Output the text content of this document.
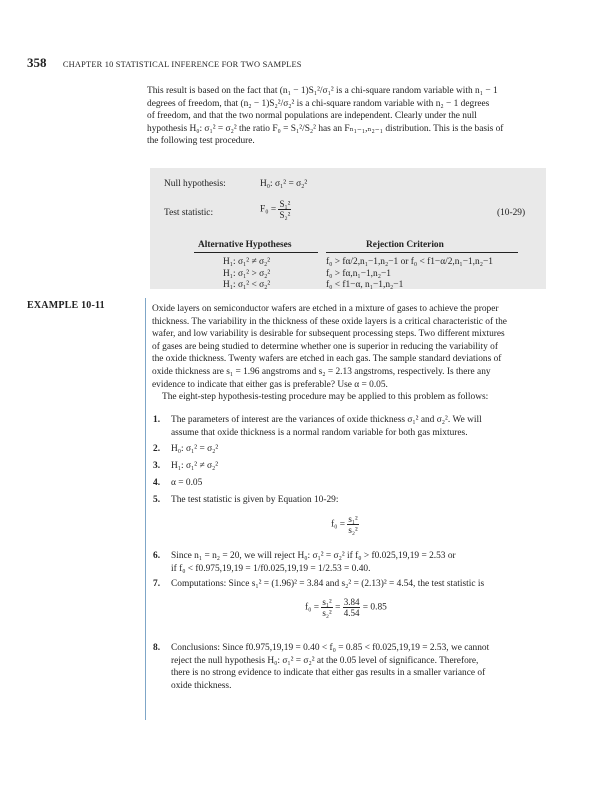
358 CHAPTER 10 STATISTICAL INFERENCE FOR TWO SAMPLES
This result is based on the fact that (n₁ − 1)S₁²/σ₁² is a chi-square random variable with n₁ − 1
degrees of freedom, that (n₂ − 1)S₂²/σ₂² is a chi-square random variable with n₂ − 1 degrees
of freedom, and that the two normal populations are independent. Clearly under the null
hypothesis H₀: σ₁² = σ₂² the ratio F₀ = S₁²/S₂² has an Fₙ₁₋₁,ₙ₂₋₁ distribution. This is the basis of
the following test procedure.
Null hypothesis:	H₀: σ₁² = σ₂²
Test statistic:	$F_0 = \frac{\text{S₁²}}{\text{S₂²}}$	(10-29)
Alternative Hypotheses	Rejection Criterion
H₁: σ₁² ≠ σ₂²	f₀ > fα/2,n₁−1,n₂−1 or f₀ < f1−α/2,n₁−1,n₂−1
H₁: σ₁² > σ₂²	f₀ > fα,n₁−1,n₂−1
H₁: σ₁² < σ₂²	f₀ < f1−α, n₁−1,n₂−1
EXAMPLE 10-11	Oxide layers on semiconductor wafers are etched in a mixture of gases to achieve the proper
thickness. The variability in the thickness of these oxide layers is a critical characteristic of the
wafer, and low variability is desirable for subsequent processing steps. Two different mixtures
of gases are being studied to determine whether one is superior in reducing the variability of
the oxide thickness. Twenty wafers are etched in each gas. The sample standard deviations of
oxide thickness are s₁ = 1.96 angstroms and s₂ = 2.13 angstroms, respectively. Is there any
evidence to indicate that either gas is preferable? Use α = 0.05.
The eight-step hypothesis-testing procedure may be applied to this problem as follows:
1. The parameters of interest are the variances of oxide thickness σ₁² and σ₂². We will
assume that oxide thickness is a normal random variable for both gas mixtures.
2. H₀: σ₁² = σ₂²
3. H₁: σ₁² ≠ σ₂²
4. α = 0.05
5. The test statistic is given by Equation 10-29:
$f_0 = \frac{\text{s₁²}}{\text{s₂²}}$
6. Since n₁ = n₂ = 20, we will reject H₀: σ₁² = σ₂² if f₀ > f0.025,19,19 = 2.53 or
if f₀ < f0.975,19,19 = 1/f0.025,19,19 = 1/2.53 = 0.40.
7. Computations: Since s₁² = (1.96)² = 3.84 and s₂² = (2.13)² = 4.54, the test statistic is
$f_0 = \frac{\text{s₁²}}{\text{s₂²}} = \frac{3.84}{4.54} = 0.85$
8. Conclusions: Since f0.975,19,19 = 0.40 < f₀ = 0.85 < f0.025,19,19 = 2.53, we cannot
reject the null hypothesis H₀: σ₁² = σ₂² at the 0.05 level of significance. Therefore,
there is no strong evidence to indicate that either gas results in a smaller variance of
oxide thickness.
